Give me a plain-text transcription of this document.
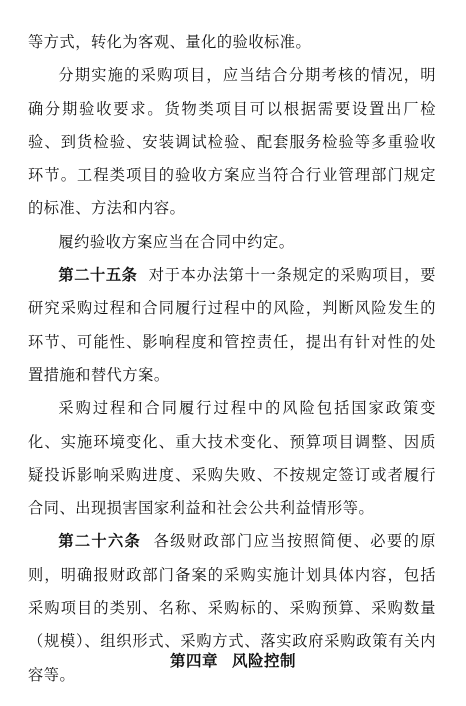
等方式，转化为客观、量化的验收标准。

分期实施的采购项目，应当结合分期考核的情况，明确分期验收要求。货物类项目可以根据需要设置出厂检验、到货检验、安装调试检验、配套服务检验等多重验收环节。工程类项目的验收方案应当符合行业管理部门规定的标准、方法和内容。

履约验收方案应当在合同中约定。

第二十五条 对于本办法第十一条规定的采购项目，要研究采购过程和合同履行过程中的风险，判断风险发生的环节、可能性、影响程度和管控责任，提出有针对性的处置措施和替代方案。

采购过程和合同履行过程中的风险包括国家政策变化、实施环境变化、重大技术变化、预算项目调整、因质疑投诉影响采购进度、采购失败、不按规定签订或者履行合同、出现损害国家利益和社会公共利益情形等。

第二十六条 各级财政部门应当按照简便、必要的原则，明确报财政部门备案的采购实施计划具体内容，包括采购项目的类别、名称、采购标的、采购预算、采购数量（规模）、组织形式、采购方式、落实政府采购政策有关内容等。

第四章 风险控制
